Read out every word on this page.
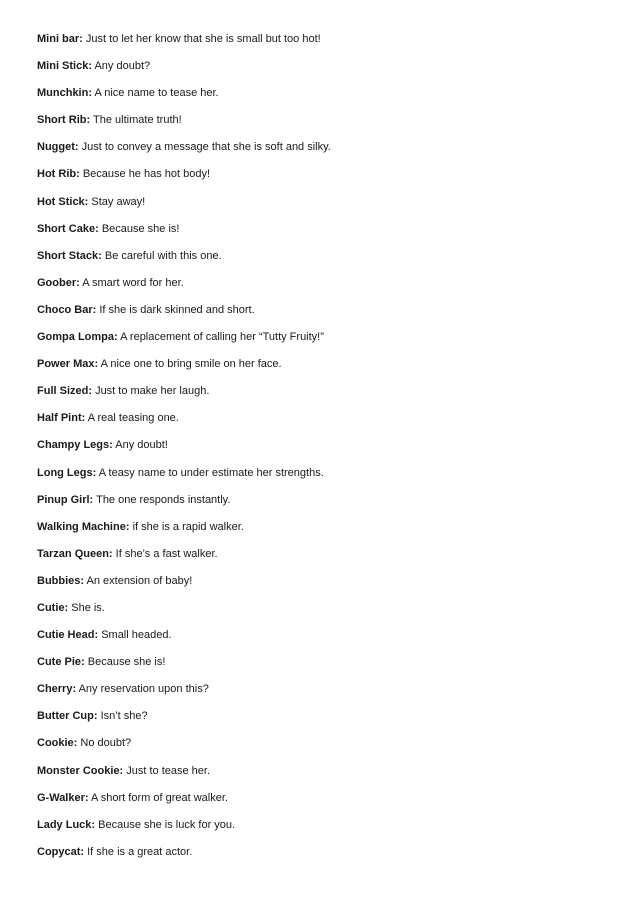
Mini bar: Just to let her know that she is small but too hot!
Mini Stick: Any doubt?
Munchkin: A nice name to tease her.
Short Rib: The ultimate truth!
Nugget: Just to convey a message that she is soft and silky.
Hot Rib: Because he has hot body!
Hot Stick: Stay away!
Short Cake: Because she is!
Short Stack: Be careful with this one.
Goober: A smart word for her.
Choco Bar: If she is dark skinned and short.
Gompa Lompa: A replacement of calling her “Tutty Fruity!”
Power Max: A nice one to bring smile on her face.
Full Sized: Just to make her laugh.
Half Pint: A real teasing one.
Champy Legs: Any doubt!
Long Legs: A teasy name to under estimate her strengths.
Pinup Girl: The one responds instantly.
Walking Machine: if she is a rapid walker.
Tarzan Queen: If she’s a fast walker.
Bubbies: An extension of baby!
Cutie: She is.
Cutie Head: Small headed.
Cute Pie: Because she is!
Cherry: Any reservation upon this?
Butter Cup: Isn’t she?
Cookie: No doubt?
Monster Cookie: Just to tease her.
G-Walker: A short form of great walker.
Lady Luck: Because she is luck for you.
Copycat: If she is a great actor.
